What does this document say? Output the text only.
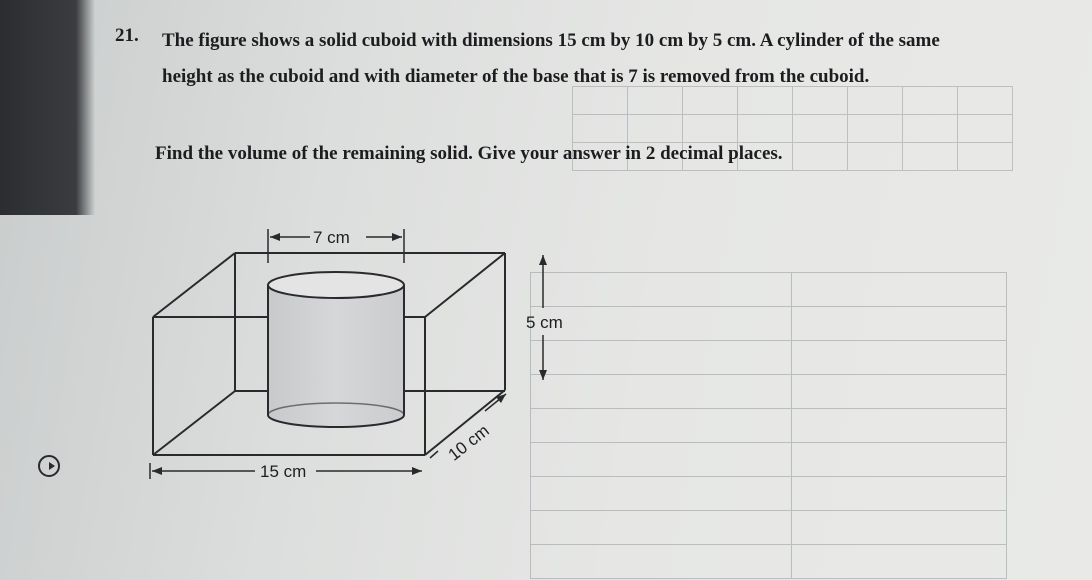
21. The figure shows a solid cuboid with dimensions 15 cm by 10 cm by 5 cm. A cylinder of the same
height as the cuboid and with diameter of the base that is 7 is removed from the cuboid.
Find the volume of the remaining solid. Give your answer in 2 decimal places.
7 cm
5 cm
10 cm
15 cm
